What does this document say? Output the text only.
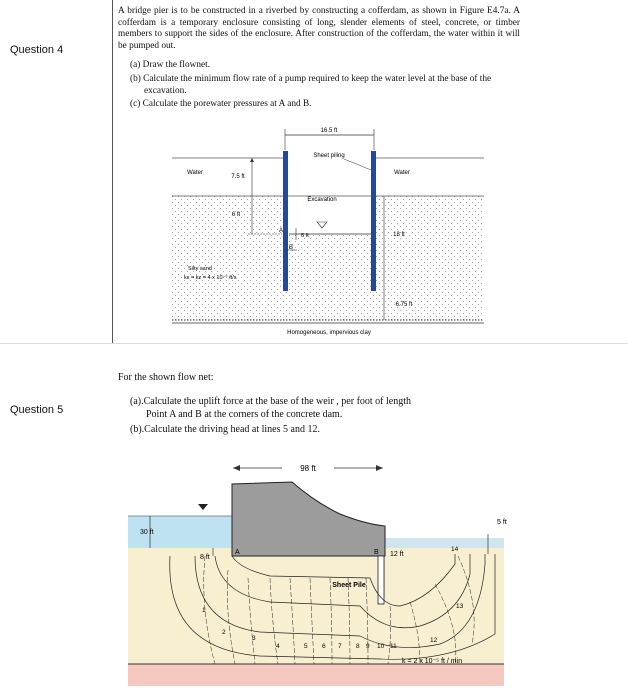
Question 4
A bridge pier is to be constructed in a riverbed by constructing a cofferdam, as shown in Figure E4.7a. A cofferdam is a temporary enclosure consisting of long, slender elements of steel, concrete, or timber members to support the sides of the enclosure. After construction of the cofferdam, the water within it will be pumped out.
(a) Draw the flownet.
(b) Calculate the minimum flow rate of a pump required to keep the water level at the base of the excavation.
(c) Calculate the porewater pressures at A and B.
16.5 ft
Sheet piling
Water	Water
7.5 ft
6 ft
Excavation
5 ft
A
B
18 ft
6.75 ft
Silty sand
kx = kz = 4 x 10⁻⁵ ft/s
Homogeneous, impervious clay
Question 5
For the shown flow net:
(a).Calculate the uplift force at the base of the weir , per foot of length
Point A and B at the corners of the concrete dam.
(b).Calculate the driving head at lines 5 and 12.
98 ft
30 ft
8 ft
A	B 12 ft
5 ft
Sheet Pile
1
2
3
4	5 6 7 8 9 10 11
12
13
14
k = 2 x 10⁻⁵ ft / min
